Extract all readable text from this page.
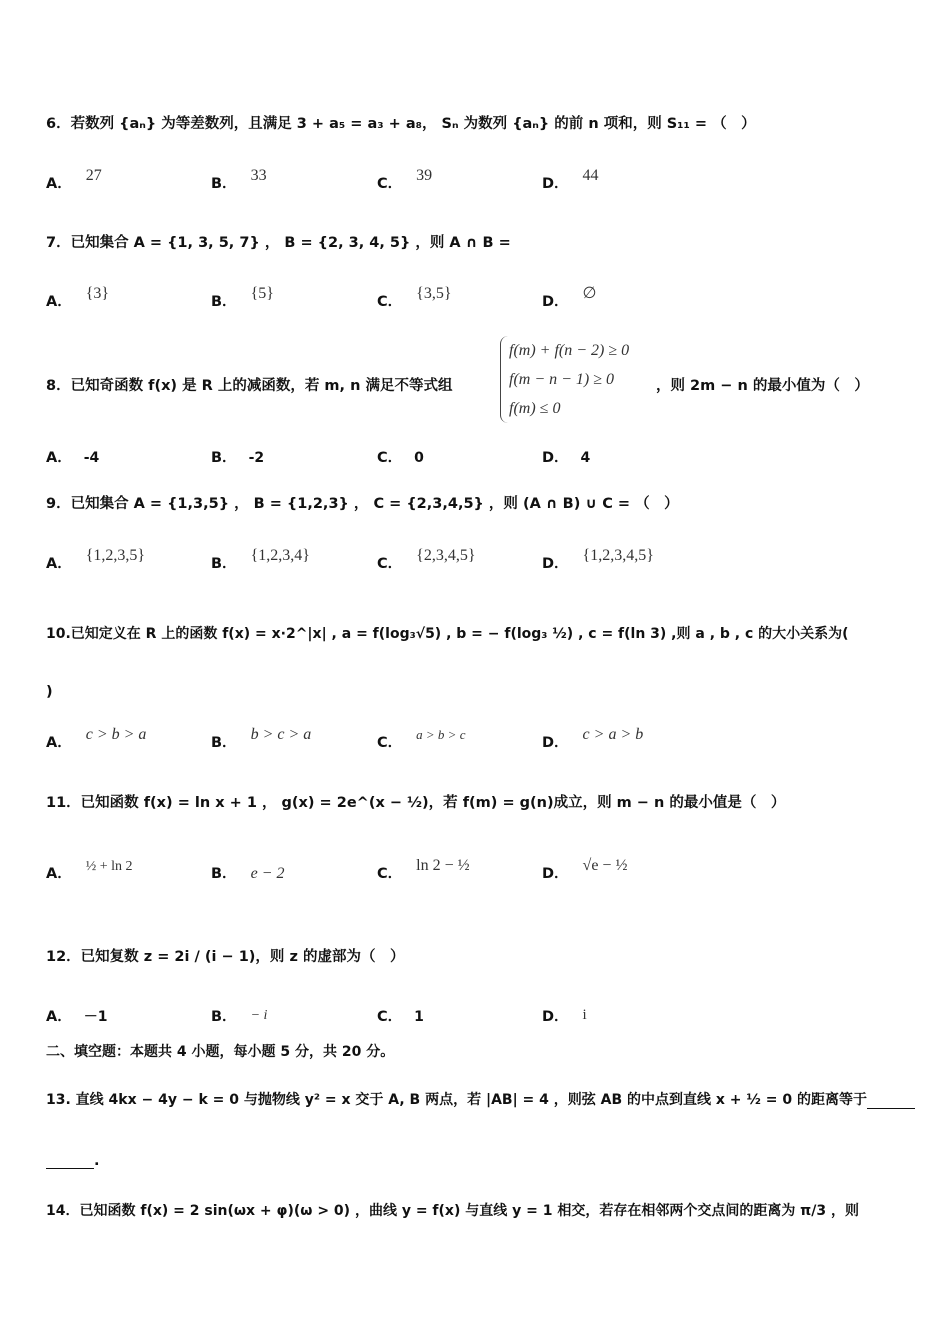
6．若数列 {aₙ} 为等差数列，且满足 3 + a₅ = a₃ + a₈， Sₙ 为数列 {aₙ} 的前 n 项和，则 S₁₁ = （　）
A． 27	B． 33	C． 39	D． 44
7．已知集合 A = {1, 3, 5, 7} ， B = {2, 3, 4, 5} ，则 A ∩ B =
A． {3}	B． {5}	C． {3,5}	D． ∅
8．已知奇函数 f(x) 是 R 上的减函数，若 m, n 满足不等式组
f(m) + f(n − 2) ≥ 0
f(m − n − 1) ≥ 0
f(m) ≤ 0
，则 2m − n 的最小值为（　）
A． -4	B． -2	C． 0	D． 4
9．已知集合 A = {1,3,5} ， B = {1,2,3} ， C = {2,3,4,5} ，则 (A ∩ B) ∪ C = （　）
A． {1,2,3,5}	B． {1,2,3,4}	C． {2,3,4,5}	D． {1,2,3,4,5}
10.已知定义在 R 上的函数 f(x) = x·2^|x| , a = f(log₃√5) , b = − f(log₃ ½) , c = f(ln 3) ,则 a , b , c 的大小关系为(
)
A． c > b > a	B． b > c > a	C．a > b > c
D． c > a > b
11．已知函数 f(x) = ln x + 1 ， g(x) = 2e^(x − ½)，若 f(m) = g(n)成立，则 m − n 的最小值是（　）
A． ½ + ln 2	B． e − 2	C． ln 2 − ½	D． √e − ½
12．已知复数 z = 2i / (i − 1)，则 z 的虚部为（　）
A． －1	B． − i	C． 1	D． i
二、填空题：本题共 4 小题，每小题 5 分，共 20 分。
13. 直线 4kx − 4y − k = 0 与抛物线 y² = x 交于 A, B 两点，若 |AB| = 4 ，则弦 AB 的中点到直线 x + ½ = 0 的距离等于
.
14．已知函数 f(x) = 2 sin(ωx + φ)(ω > 0) ，曲线 y = f(x) 与直线 y = 1 相交，若存在相邻两个交点间的距离为 π/3 ，则
